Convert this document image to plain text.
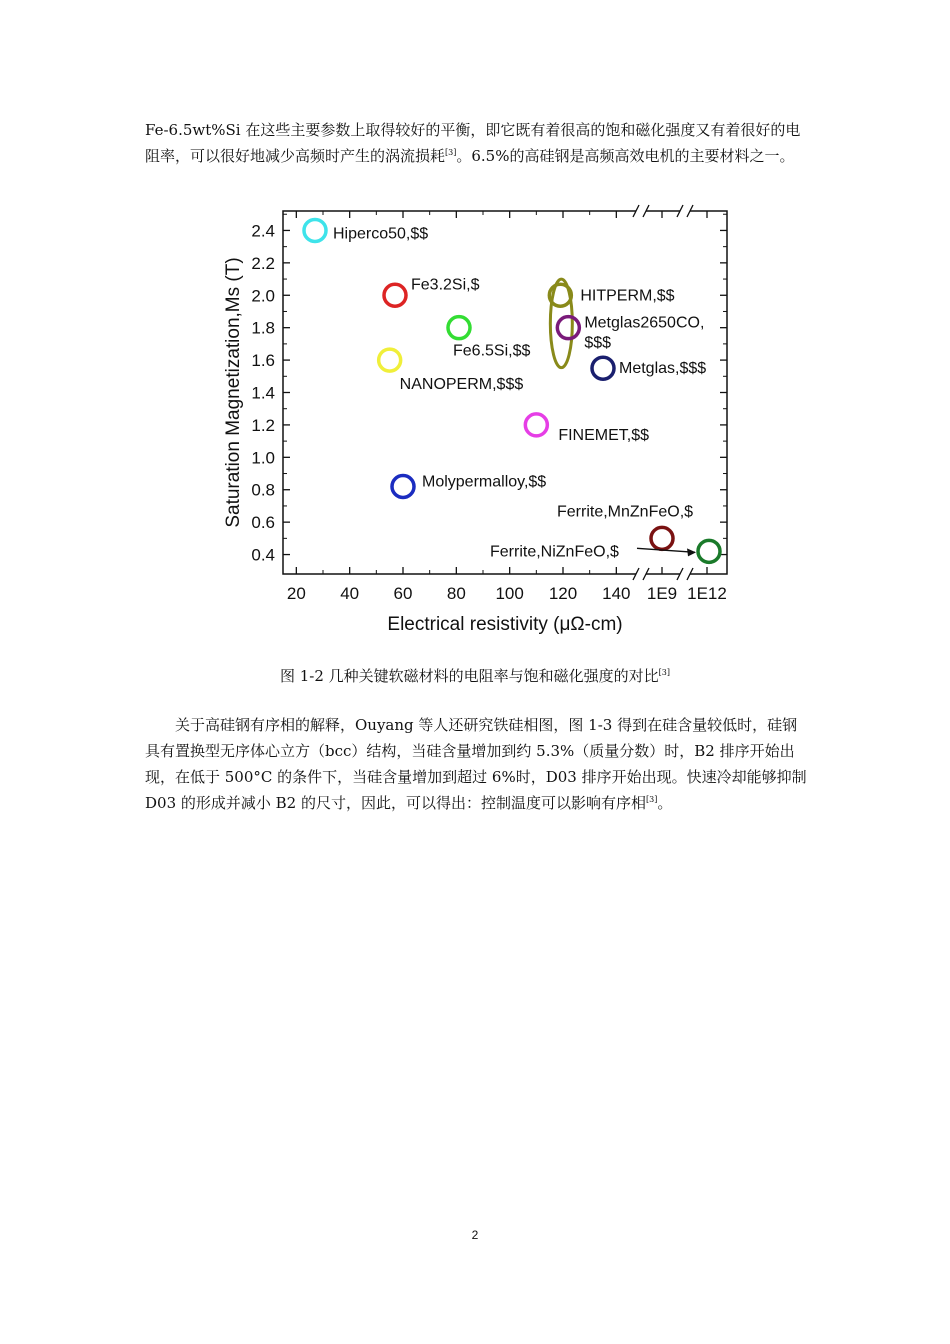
Fe-6.5wt%Si 在这些主要参数上取得较好的平衡，即它既有着很高的饱和磁化强度又有着很好的电阻率，可以很好地减少高频时产生的涡流损耗[3]。6.5%的高硅钢是高频高效电机的主要材料之一。

0.4
0.6
0.8
1.0
1.2
1.4
1.6
1.8
2.0
2.2
2.4
20 40 60 80 100 120 140 1E9 1E12
Electrical resistivity (μΩ-cm)
Saturation Magnetization,Ms (T)
Hiperco50,$$
Fe3.2Si,$
Fe6.5Si,$$
NANOPERM,$$$
HITPERM,$$
Metglas2650CO,
$$$
Metglas,$$$
FINEMET,$$
Molypermalloy,$$
Ferrite,MnZnFeO,$
Ferrite,NiZnFeO,$
图 1-2 几种关键软磁材料的电阻率与饱和磁化强度的对比[3]

关于高硅钢有序相的解释，Ouyang 等人还研究铁硅相图，图 1-3 得到在硅含量较低时，硅钢具有置换型无序体心立方（bcc）结构，当硅含量增加到约 5.3%（质量分数）时，B2 排序开始出现，在低于 500°C 的条件下，当硅含量增加到超过 6%时，D03 排序开始出现。快速冷却能够抑制 D03 的形成并减小 B2 的尺寸，因此，可以得出：控制温度可以影响有序相[3]。

2
